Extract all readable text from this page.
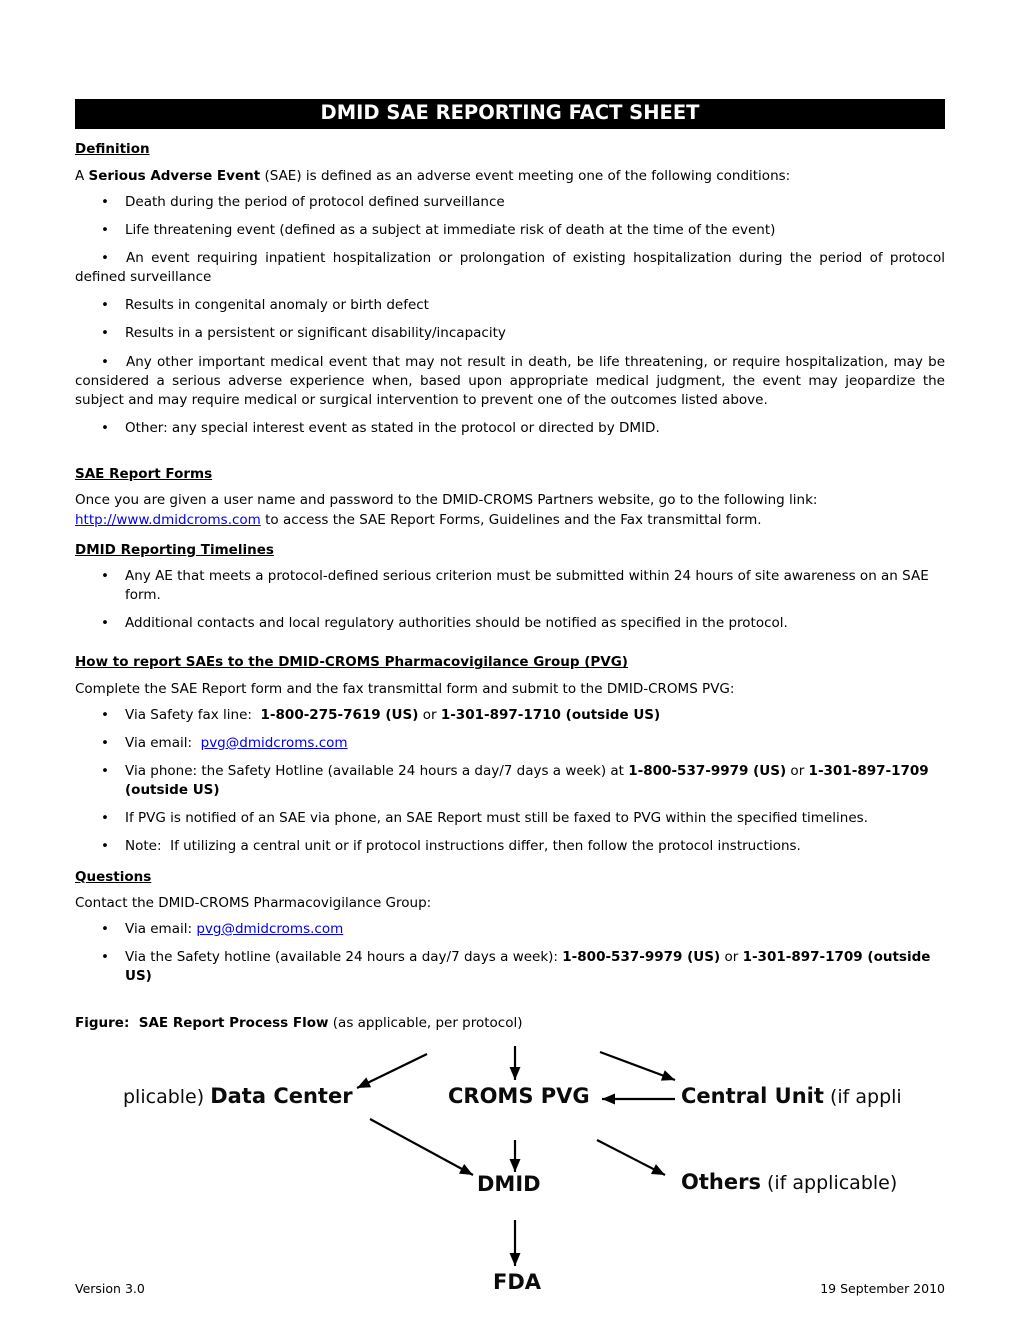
DMID SAE REPORTING FACT SHEET
Definition
A Serious Adverse Event (SAE) is defined as an adverse event meeting one of the following conditions:
• Death during the period of protocol defined surveillance
• Life threatening event (defined as a subject at immediate risk of death at the time of the event)

• An event requiring inpatient hospitalization or prolongation of existing hospitalization during the period of protocol defined surveillance

• Results in congenital anomaly or birth defect
• Results in a persistent or significant disability/incapacity

• Any other important medical event that may not result in death, be life threatening, or require hospitalization, may be considered a serious adverse experience when, based upon appropriate medical judgment, the event may jeopardize the subject and may require medical or surgical intervention to prevent one of the outcomes listed above.

• Other: any special interest event as stated in the protocol or directed by DMID.
SAE Report Forms
Once you are given a user name and password to the DMID-CROMS Partners website, go to the following link: http://www.dmidcroms.com to access the SAE Report Forms, Guidelines and the Fax transmittal form.
DMID Reporting Timelines
• Any AE that meets a protocol-defined serious criterion must be submitted within 24 hours of site awareness on an SAE form.
• Additional contacts and local regulatory authorities should be notified as specified in the protocol.
How to report SAEs to the DMID-CROMS Pharmacovigilance Group (PVG)
Complete the SAE Report form and the fax transmittal form and submit to the DMID-CROMS PVG:
• Via Safety fax line:  1-800-275-7619 (US) or 1-301-897-1710 (outside US)
• Via email:  pvg@dmidcroms.com
• Via phone: the Safety Hotline (available 24 hours a day/7 days a week) at 1-800-537-9979 (US) or 1-301-897-1709 (outside US)
• If PVG is notified of an SAE via phone, an SAE Report must still be faxed to PVG within the specified timelines.
• Note:  If utilizing a central unit or if protocol instructions differ, then follow the protocol instructions.
Questions
Contact the DMID-CROMS Pharmacovigilance Group:
• Via email: pvg@dmidcroms.com
• Via the Safety hotline (available 24 hours a day/7 days a week): 1-800-537-9979 (US) or 1-301-897-1709 (outside US)
Figure:  SAE Report Process Flow (as applicable, per protocol)
plicable) Data Center	CROMS PVG	Central Unit (if appli
DMID	Others (if applicable)
FDA
Version 3.0	19 September 2010
